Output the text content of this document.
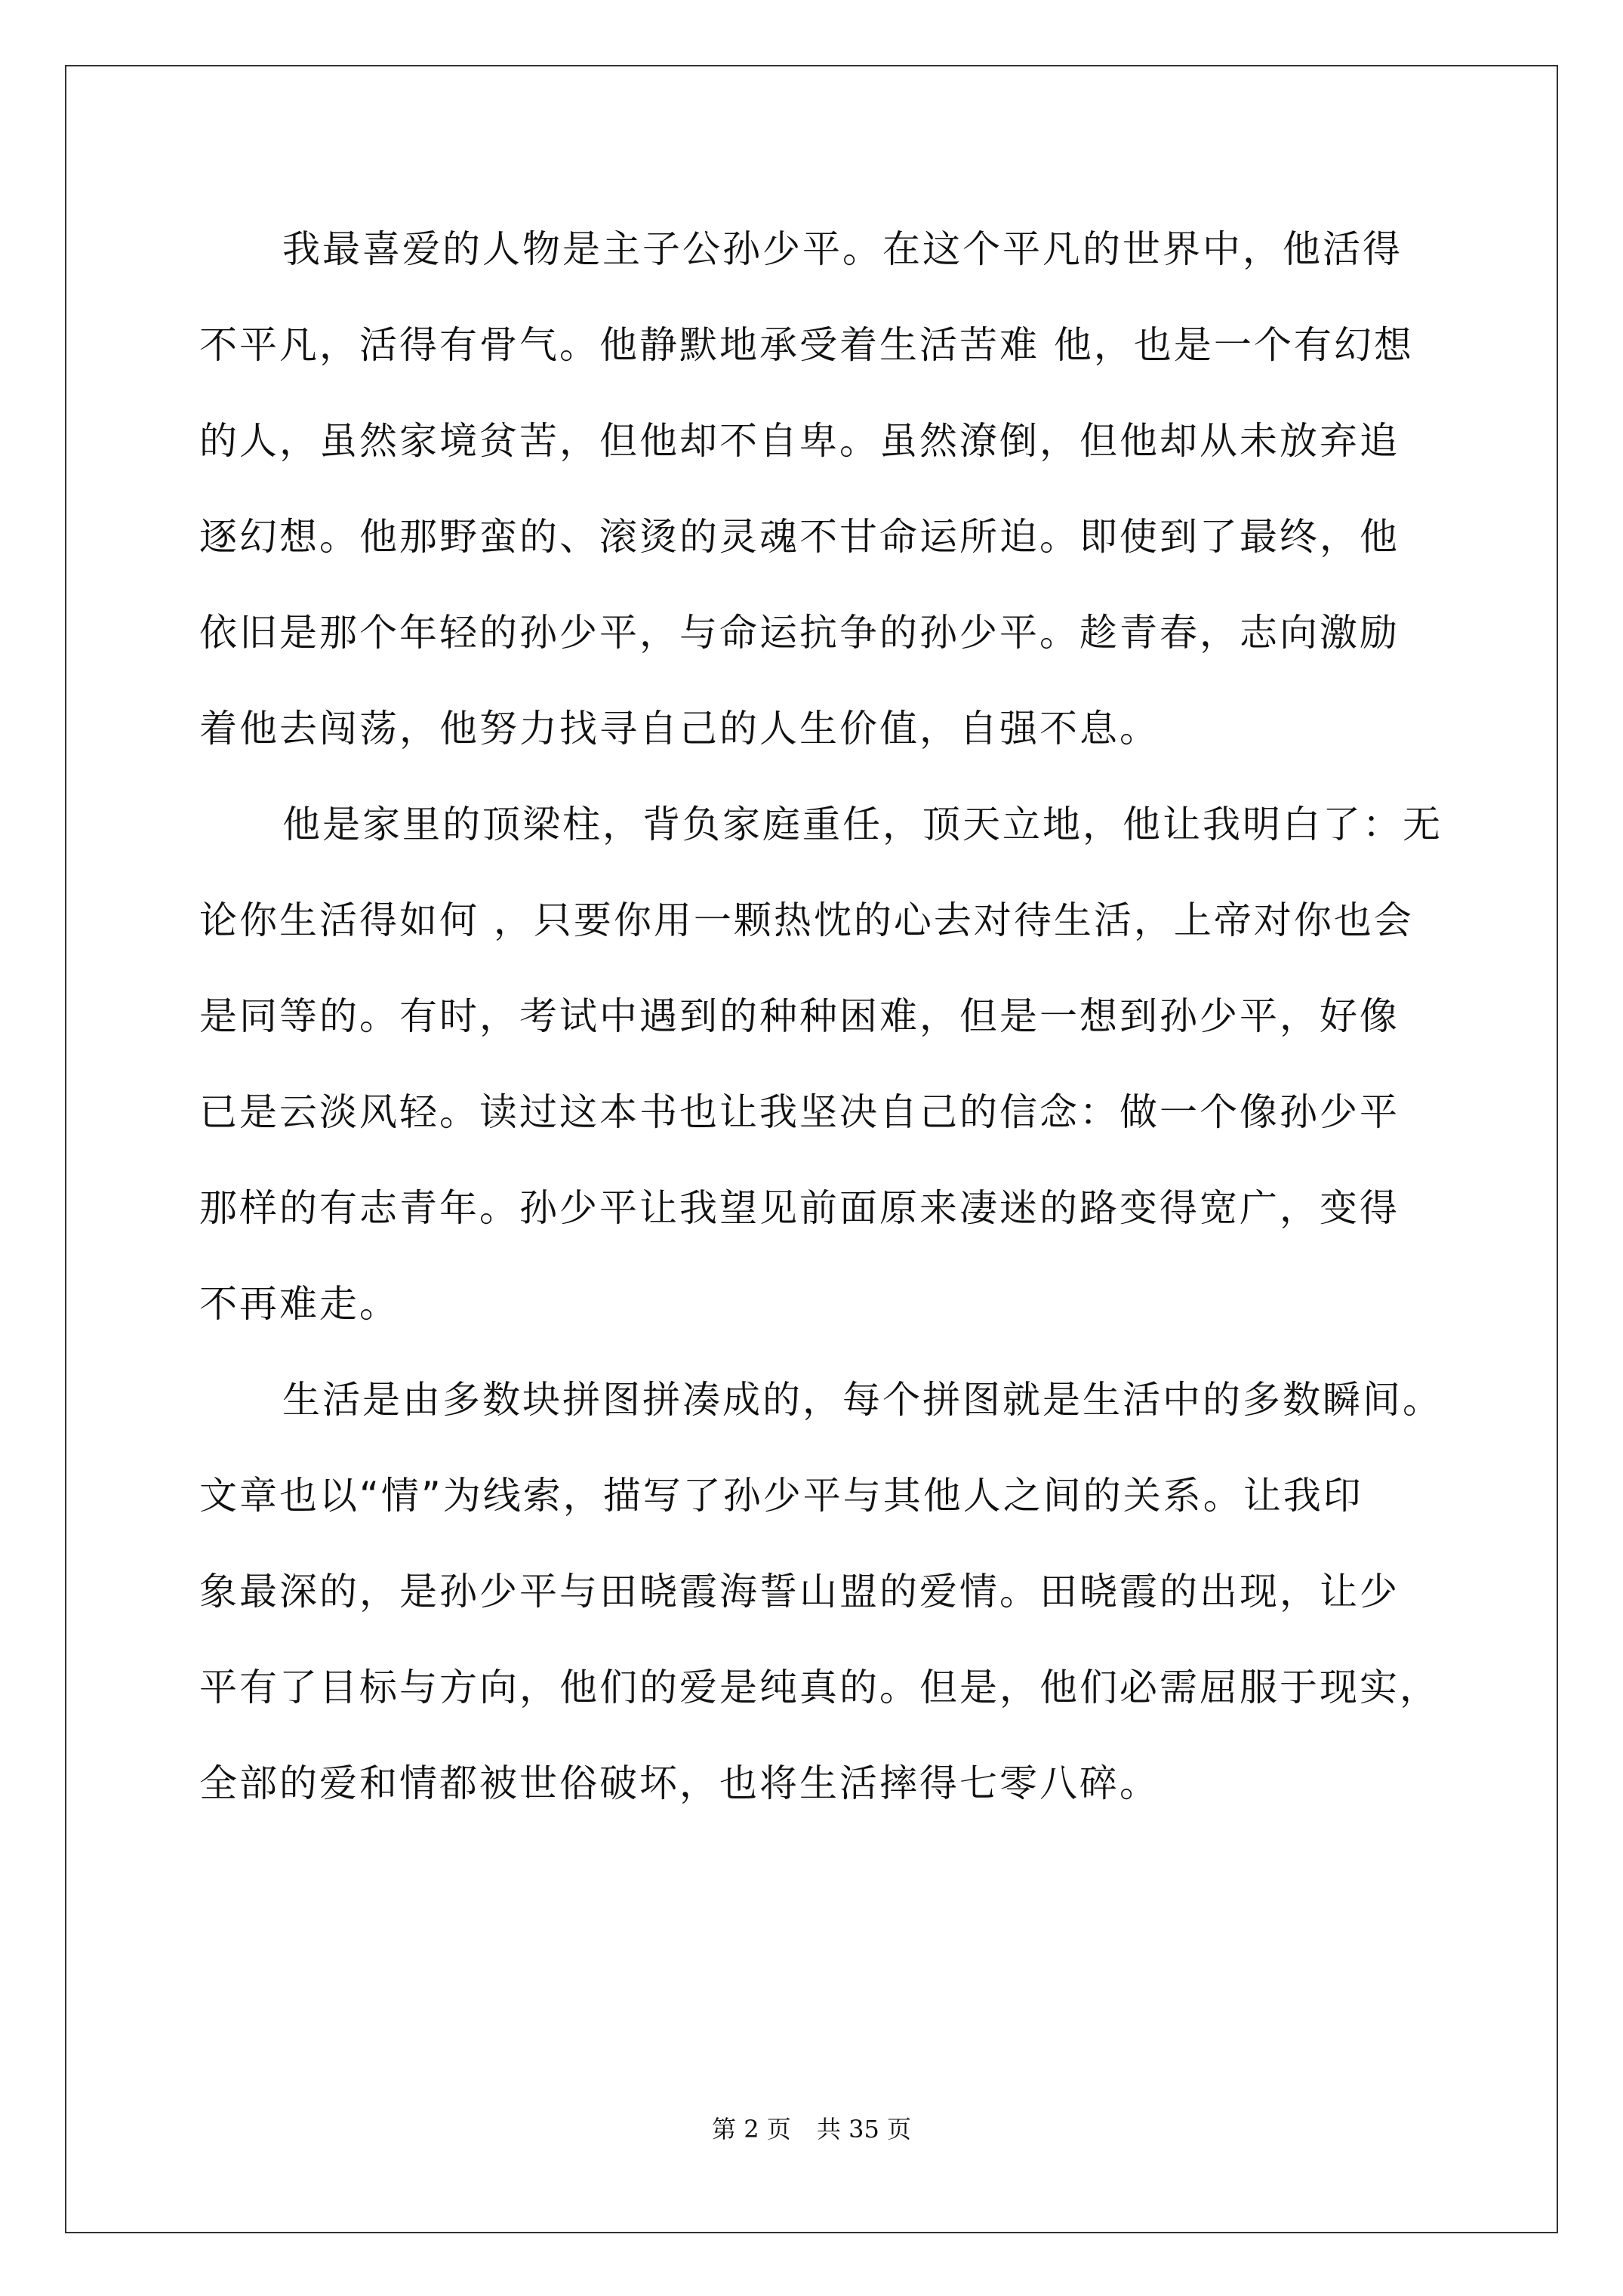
我最喜爱的人物是主子公孙少平。在这个平凡的世界中，他活得
不平凡，活得有骨气。他静默地承受着生活苦难 他，也是一个有幻想
的人，虽然家境贫苦，但他却不自卑。虽然潦倒，但他却从未放弃追
逐幻想。他那野蛮的、滚烫的灵魂不甘命运所迫。即使到了最终，他
依旧是那个年轻的孙少平，与命运抗争的孙少平。趁青春，志向激励
着他去闯荡，他努力找寻自己的人生价值，自强不息。
他是家里的顶梁柱，背负家庭重任，顶天立地，他让我明白了：无
论你生活得如何 ，只要你用一颗热忱的心去对待生活，上帝对你也会
是同等的。有时，考试中遇到的种种困难，但是一想到孙少平，好像
已是云淡风轻。读过这本书也让我坚决自己的信念：做一个像孙少平
那样的有志青年。孙少平让我望见前面原来凄迷的路变得宽广，变得
不再难走。
生活是由多数块拼图拼凑成的，每个拼图就是生活中的多数瞬间。
文章也以“情”为线索，描写了孙少平与其他人之间的关系。让我印
象最深的，是孙少平与田晓霞海誓山盟的爱情。田晓霞的出现，让少
平有了目标与方向，他们的爱是纯真的。但是，他们必需屈服于现实，
全部的爱和情都被世俗破坏，也将生活摔得七零八碎。
第 2 页 共 35 页
